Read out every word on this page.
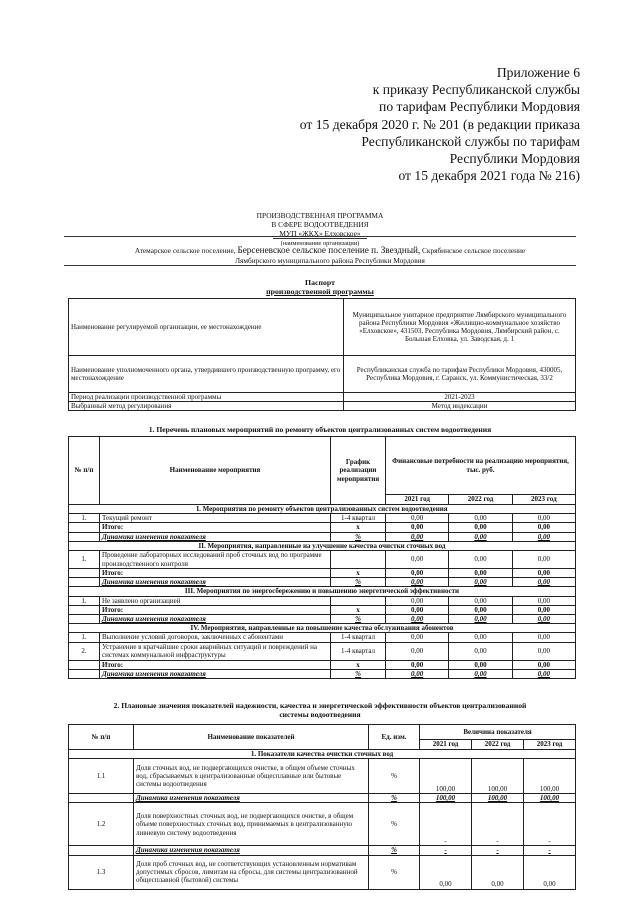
Приложение 6
к приказу Республиканской службы
по тарифам Республики Мордовия
от 15 декабря 2020 г. № 201 (в редакции приказа
Республиканской службы по тарифам
Республики Мордовия
от 15 декабря 2021 года № 216)
ПРОИЗВОДСТВЕННАЯ ПРОГРАММА
В СФЕРЕ ВОДООТВЕДЕНИЯ
МУП «ЖКХ» Елховское»
(наименование организации)
Атемарское сельское поселение, Берсеневское сельское поселение п. Звездный, Скрябинское сельское поселение
Лямбирского муниципального района Республики Мордовия
Паспорт
производственной программы
Наименование регулируемой организации, ее местонахождение	Муниципальное унитарное предприятие Лямбирского муниципального района Республики Мордовия «Жилищно-коммунальное хозяйство «Елховское», 431503, Республика Мордовия, Лямбирский район, с. Большая Елховка, ул. Заводская, д. 1
Наименование уполномоченного органа, утвердившего производственную программу, его местонахождение	Республиканская служба по тарифам Республики Мордовия, 430005, Республика Мордовия, г. Саранск, ул. Коммунистическая, 33/2
Период реализации производственной программы	2021-2023
Выбранный метод регулирования	Метод индексации
1. Перечень плановых мероприятий по ремонту объектов централизованных систем водоотведения
№ п/п	Наименование мероприятия	График реализации мероприятия	Финансовые потребности на реализацию мероприятия, тыс. руб.		
			2021 год	2022 год	2023 год
I. Мероприятия по ремонту объектов централизованных систем водоотведения					
1.	Текущий ремонт	1-4 квартал	0,00	0,00	0,00
	Итого:	х	0,00	0,00	0,00
	Динамика изменения показателя	%	0,00	0,00	0,00
II. Мероприятия, направленные на улучшение качества очистки сточных вод					
1.	Проведение лабораторных исследований проб сточных вод по программе производственного контроля		0,00	0,00	0,00
	Итого:	х	0,00	0,00	0,00
	Динамика изменения показателя	%	0,00	0,00	0,00
III. Мероприятия по энергосбережению и повышению энергетической эффективности					
1.	Не заявлено организацией		0,00	0,00	0,00
	Итого:	х	0,00	0,00	0,00
	Динамика изменения показателя	%	0,00	0,00	0,00
IV. Мероприятия, направленные на повышение качества обслуживания абонентов					
1.	Выполнение условий договоров, заключенных с абонентами	1-4 квартал	0,00	0,00	0,00
2.	Устранение в кратчайшие сроки аварийных ситуаций и повреждений на системах коммунальной инфраструктуры	1-4 квартал	0,00	0,00	0,00
	Итого:	х	0,00	0,00	0,00
	Динамика изменения показателя	%	0,00	0,00	0,00
2. Плановые значения показателей надежности, качества и энергетической эффективности объектов централизованной
системы водоотведения
№ п/п	Наименование показателей	Ед. изм.	Величина показателя		
			2021 год	2022 год	2023 год
1. Показатели качества очистки сточных вод					
1.1	Доля сточных вод, не подвергающихся очистке, в общем объеме сточных вод, сбрасываемых в централизованные общесплавные или бытовые системы водоотведения	%	100,00	100,00	100,00
	Динамика изменения показателя	%	100,00	100,00	100,00
1.2	Доля поверхностных сточных вод, не подвергающихся очистке, в общем объеме поверхностных сточных вод, принимаемых в централизованную ливневую систему водоотведения	%	-	-	-
	Динамика изменения показателя	%	-	-	-
1.3	Доля проб сточных вод, не соответствующих установленным нормативам допустимых сбросов, лимитам на сбросы, для системы централизованной общесплавной (бытовой) системы	%	0,00	0,00	0,00
